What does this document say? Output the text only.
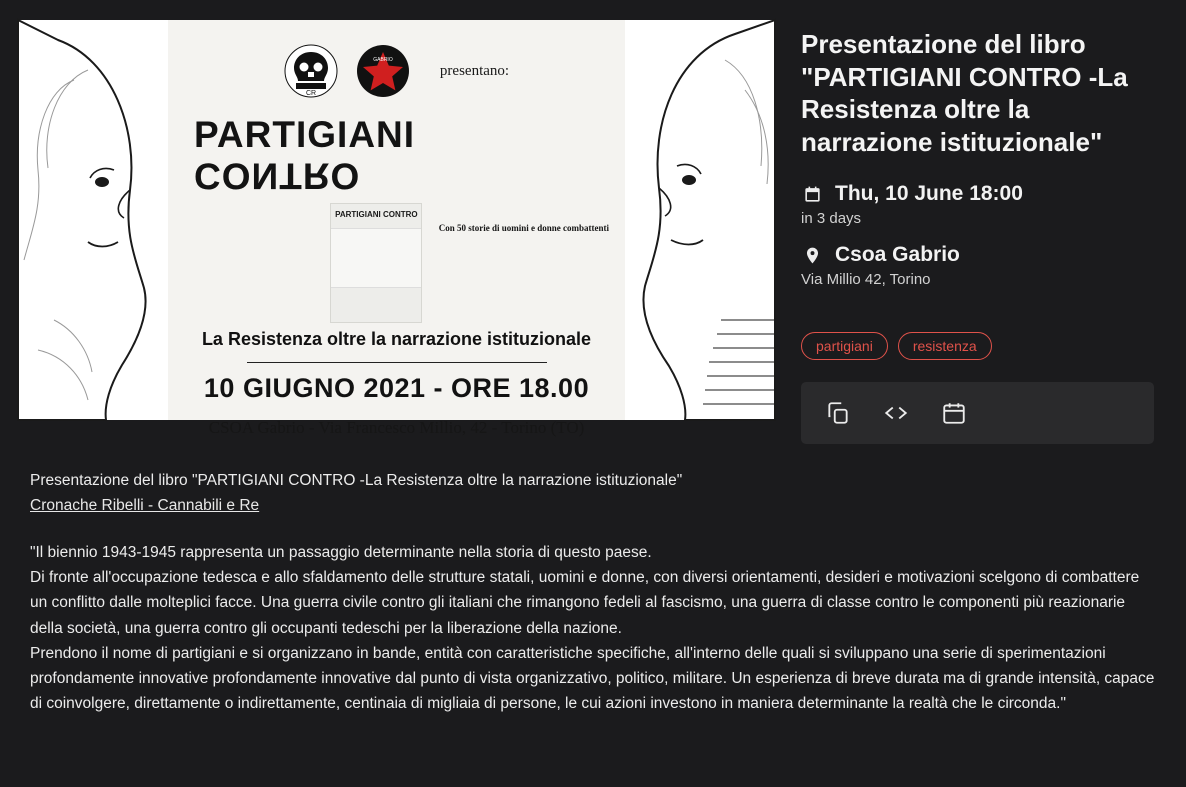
CR
GABRIO
presentano:
PARTIGIANI
CONTRO
PARTIGIANI CONTRO
Con 50 storie di uomini e donne combattenti
La Resistenza oltre la narrazione istituzionale
10 GIUGNO 2021 - ORE 18.00
CSOA Gabrio - Via Francesco Millio, 42 - Torino (TO)
Presentazione del libro "PARTIGIANI CONTRO -La Resistenza oltre la narrazione istituzionale"
Thu, 10 June 18:00
in 3 days
Csoa Gabrio
Via Millio 42, Torino
partigiani	resistenza

Presentazione del libro "PARTIGIANI CONTRO -La Resistenza oltre la narrazione istituzionale"

Cronache Ribelli - Cannabili e Re

"Il biennio 1943-1945 rappresenta un passaggio determinante nella storia di questo paese.

Di fronte all'occupazione tedesca e allo sfaldamento delle strutture statali, uomini e donne, con diversi orientamenti, desideri e motivazioni scelgono di combattere un conflitto dalle molteplici facce. Una guerra civile contro gli italiani che rimangono fedeli al fascismo, una guerra di classe contro le componenti più reazionarie della società, una guerra contro gli occupanti tedeschi per la liberazione della nazione.

Prendono il nome di partigiani e si organizzano in bande, entità con caratteristiche specifiche, all'interno delle quali si sviluppano una serie di sperimentazioni profondamente innovative profondamente innovative dal punto di vista organizzativo, politico, militare. Un esperienza di breve durata ma di grande intensità, capace di coinvolgere, direttamente o indirettamente, centinaia di migliaia di persone, le cui azioni investono in maniera determinante la realtà che le circonda."
